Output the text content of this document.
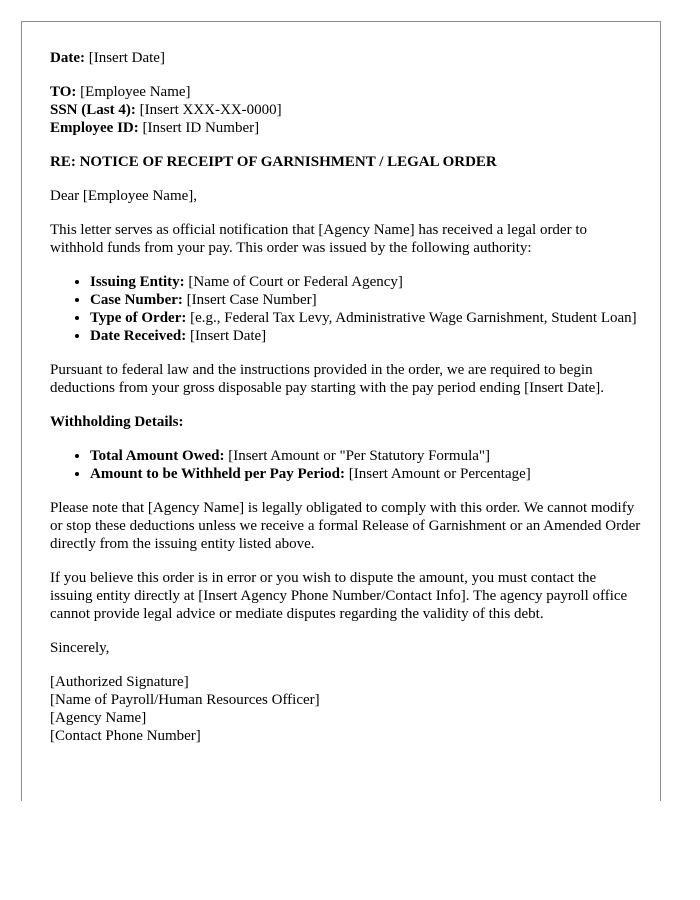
Date: [Insert Date]

TO: [Employee Name]
SSN (Last 4): [Insert XXX-XX-0000]
Employee ID: [Insert ID Number]

RE: NOTICE OF RECEIPT OF GARNISHMENT / LEGAL ORDER

Dear [Employee Name],

This letter serves as official notification that [Agency Name] has received a legal order to withhold funds from your pay. This order was issued by the following authority:

• Issuing Entity: [Name of Court or Federal Agency]
• Case Number: [Insert Case Number]
• Type of Order: [e.g., Federal Tax Levy, Administrative Wage Garnishment, Student Loan]
• Date Received: [Insert Date]

Pursuant to federal law and the instructions provided in the order, we are required to begin deductions from your gross disposable pay starting with the pay period ending [Insert Date].

Withholding Details:

• Total Amount Owed: [Insert Amount or "Per Statutory Formula"]
• Amount to be Withheld per Pay Period: [Insert Amount or Percentage]

Please note that [Agency Name] is legally obligated to comply with this order. We cannot modify or stop these deductions unless we receive a formal Release of Garnishment or an Amended Order directly from the issuing entity listed above.

If you believe this order is in error or you wish to dispute the amount, you must contact the issuing entity directly at [Insert Agency Phone Number/Contact Info]. The agency payroll office cannot provide legal advice or mediate disputes regarding the validity of this debt.

Sincerely,

[Authorized Signature]

[Name of Payroll/Human Resources Officer]

[Agency Name]

[Contact Phone Number]
